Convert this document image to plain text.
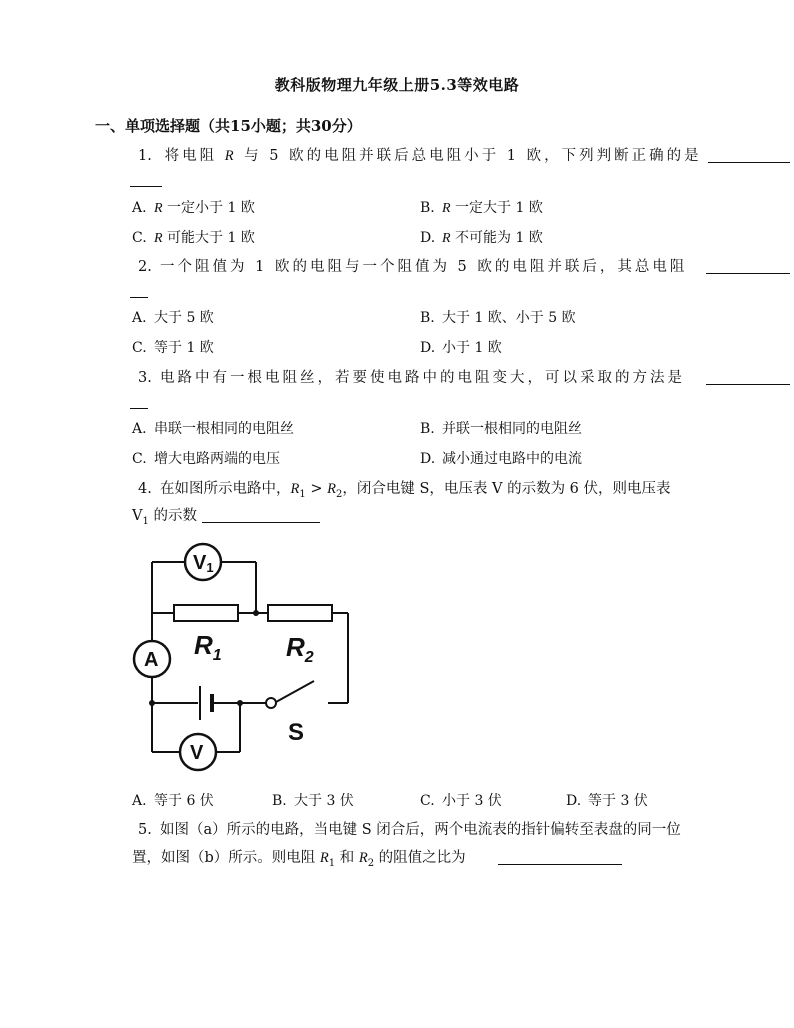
教科版物理九年级上册5.3等效电路
一、单项选择题（共15小题；共30分）
1. 将电阻 R 与 5 欧的电阻并联后总电阻小于 1 欧，下列判断正确的是
A. R 一定小于 1 欧	B. R 一定大于 1 欧
C. R 可能大于 1 欧	D. R 不可能为 1 欧
2. 一个阻值为 1 欧的电阻与一个阻值为 5 欧的电阻并联后，其总电阻
A. 大于 5 欧	B. 大于 1 欧、小于 5 欧
C. 等于 1 欧	D. 小于 1 欧
3. 电路中有一根电阻丝，若要使电路中的电阻变大，可以采取的方法是
A. 串联一根相同的电阻丝	B. 并联一根相同的电阻丝
C. 增大电路两端的电压	D. 减小通过电路中的电流
4. 在如图所示电路中，$R_1 > R_2$，闭合电键 S，电压表 V 的示数为 6 伏，则电压表
$V_1$ 的示数
V1
A
V
$R_1$ $R_2$
S
A. 等于 6 伏	B. 大于 3 伏	C. 小于 3 伏	D. 等于 3 伏
5. 如图（a）所示的电路，当电键 S 闭合后，两个电流表的指针偏转至表盘的同一位
置，如图（b）所示。则电阻 $R_1$ 和 $R_2$ 的阻值之比为
